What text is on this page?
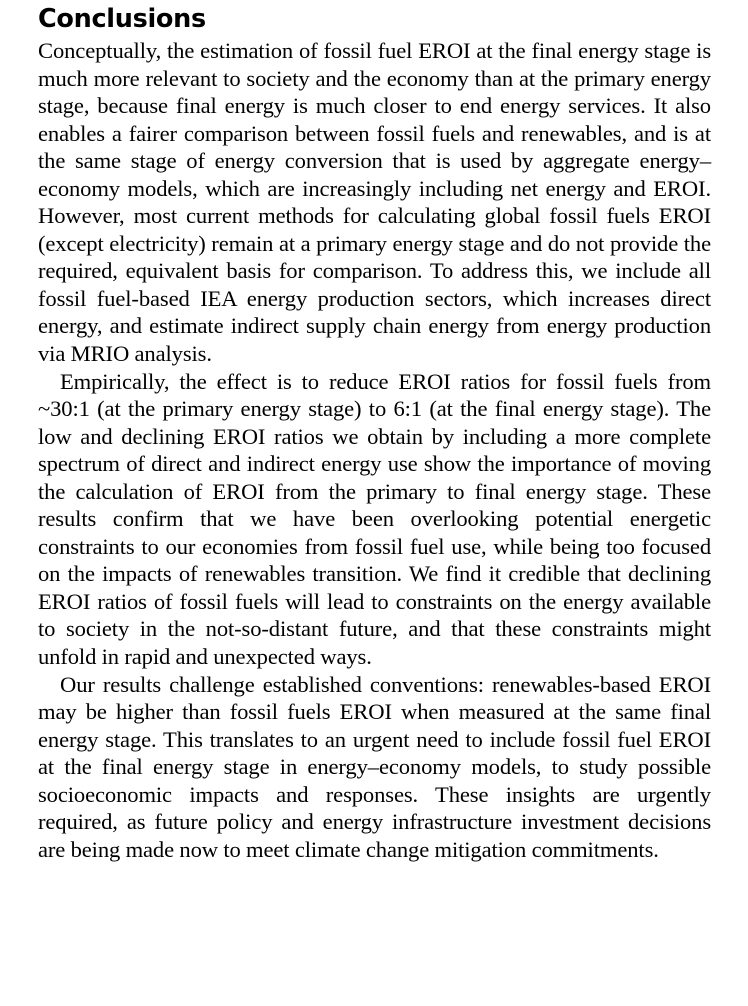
Conclusions

Conceptually, the estimation of fossil fuel EROI at the final energy stage is much more relevant to society and the economy than at the primary energy stage, because final energy is much closer to end energy services. It also enables a fairer comparison between fossil fuels and renewables, and is at the same stage of energy conversion that is used by aggregate energy–economy models, which are increasingly including net energy and EROI. However, most current methods for calculating global fossil fuels EROI (except electricity) remain at a primary energy stage and do not provide the required, equivalent basis for comparison. To address this, we include all fossil fuel-based IEA energy production sectors, which increases direct energy, and estimate indirect supply chain energy from energy production via MRIO analysis.

Empirically, the effect is to reduce EROI ratios for fossil fuels from ~30:1 (at the primary energy stage) to 6:1 (at the final energy stage). The low and declining EROI ratios we obtain by including a more complete spectrum of direct and indirect energy use show the importance of moving the calculation of EROI from the primary to final energy stage. These results confirm that we have been overlooking potential energetic constraints to our economies from fossil fuel use, while being too focused on the impacts of renewables transition. We find it credible that declining EROI ratios of fossil fuels will lead to constraints on the energy available to society in the not-so-distant future, and that these constraints might unfold in rapid and unexpected ways.

Our results challenge established conventions: renewables-based EROI may be higher than fossil fuels EROI when measured at the same final energy stage. This translates to an urgent need to include fossil fuel EROI at the final energy stage in energy–economy models, to study possible socioeconomic impacts and responses. These insights are urgently required, as future policy and energy infrastructure investment decisions are being made now to meet climate change mitigation commitments.
